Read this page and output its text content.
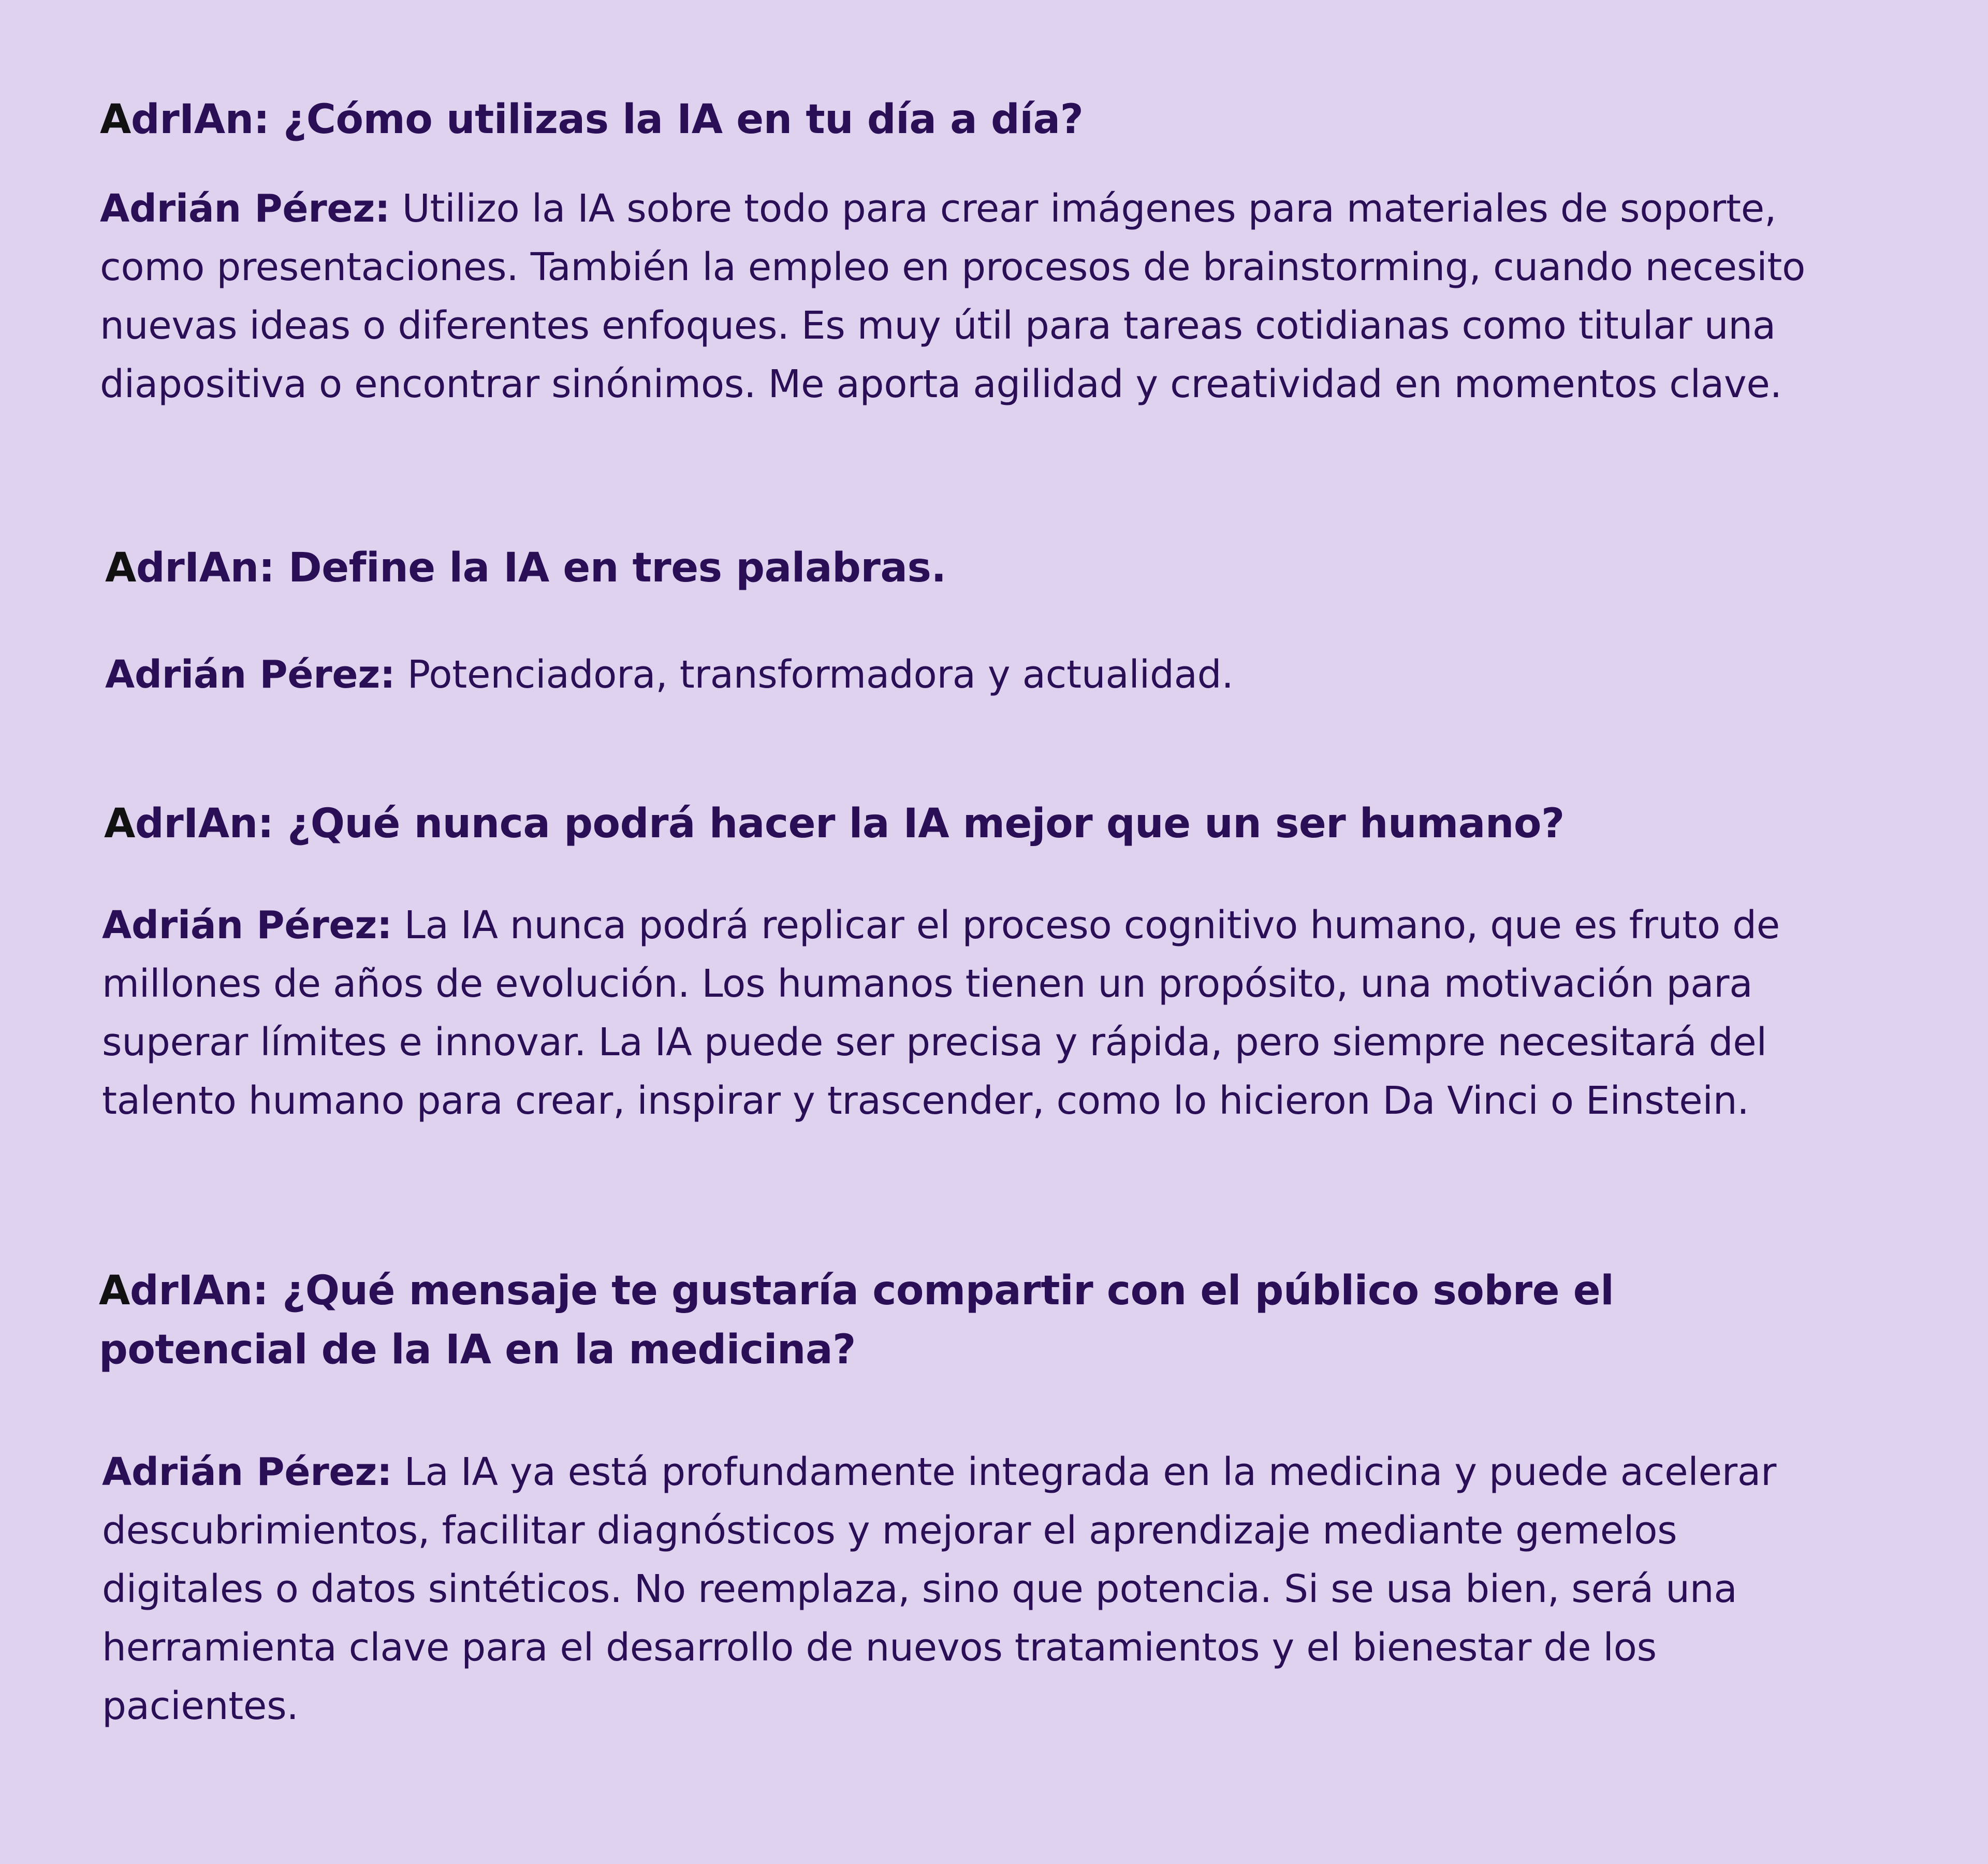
AdrIAn: ¿Cómo utilizas la IA en tu día a día?

Adrián Pérez: Utilizo la IA sobre todo para crear imágenes para materiales de soporte, como presentaciones. También la empleo en procesos de brainstorming, cuando necesito nuevas ideas o diferentes enfoques. Es muy útil para tareas cotidianas como titular una diapositiva o encontrar sinónimos. Me aporta agilidad y creatividad en momentos clave.

AdrIAn: Define la IA en tres palabras.

Adrián Pérez: Potenciadora, transformadora y actualidad.

AdrIAn: ¿Qué nunca podrá hacer la IA mejor que un ser humano?

Adrián Pérez: La IA nunca podrá replicar el proceso cognitivo humano, que es fruto de millones de años de evolución. Los humanos tienen un propósito, una motivación para superar límites e innovar. La IA puede ser precisa y rápida, pero siempre necesitará del talento humano para crear, inspirar y trascender, como lo hicieron Da Vinci o Einstein.

AdrIAn: ¿Qué mensaje te gustaría compartir con el público sobre el potencial de la IA en la medicina?

Adrián Pérez: La IA ya está profundamente integrada en la medicina y puede acelerar descubrimientos, facilitar diagnósticos y mejorar el aprendizaje mediante gemelos digitales o datos sintéticos. No reemplaza, sino que potencia. Si se usa bien, será una herramienta clave para el desarrollo de nuevos tratamientos y el bienestar de los pacientes.
